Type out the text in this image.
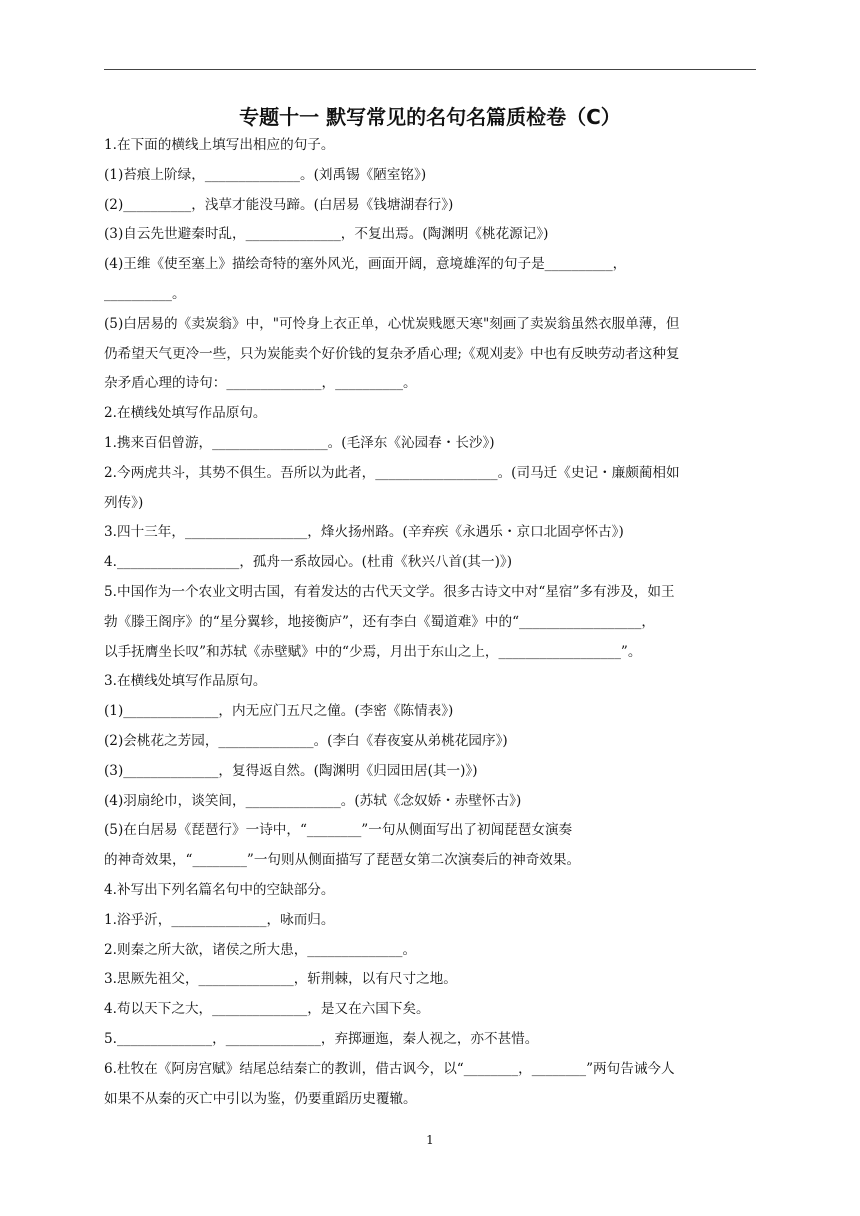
专题十一 默写常见的名句名篇质检卷（C）
1.在下面的横线上填写出相应的句子。
(1)苔痕上阶绿，______________。(刘禹锡《陋室铭》)
(2)__________，浅草才能没马蹄。(白居易《钱塘湖春行》)
(3)自云先世避秦时乱，______________，不复出焉。(陶渊明《桃花源记》)
(4)王维《使至塞上》描绘奇特的塞外风光，画面开阔，意境雄浑的句子是__________，
__________。
(5)白居易的《卖炭翁》中，"可怜身上衣正单，心忧炭贱愿天寒"刻画了卖炭翁虽然衣服单薄，但
仍希望天气更冷一些，只为炭能卖个好价钱的复杂矛盾心理;《观刈麦》中也有反映劳动者这种复
杂矛盾心理的诗句：______________，__________。
2.在横线处填写作品原句。
1.携来百侣曾游，_________________。(毛泽东《沁园春・长沙》)
2.今两虎共斗，其势不俱生。吾所以为此者，__________________。(司马迁《史记・廉颇蔺相如
列传》)
3.四十三年，__________________，烽火扬州路。(辛弃疾《永遇乐・京口北固亭怀古》)
4.__________________，孤舟一系故园心。(杜甫《秋兴八首(其一)》)
5.中国作为一个农业文明古国，有着发达的古代天文学。很多古诗文中对“星宿”多有涉及，如王
勃《滕王阁序》的“星分翼轸，地接衡庐”，还有李白《蜀道难》中的“__________________，
以手抚膺坐长叹”和苏轼《赤壁赋》中的“少焉，月出于东山之上，__________________”。
3.在横线处填写作品原句。
(1)______________，内无应门五尺之僮。(李密《陈情表》)
(2)会桃花之芳园，______________。(李白《春夜宴从弟桃花园序》)
(3)______________，复得返自然。(陶渊明《归园田居(其一)》)
(4)羽扇纶巾，谈笑间，______________。(苏轼《念奴娇・赤壁怀古》)
(5)在白居易《琵琶行》一诗中，“________”一句从侧面写出了初闻琵琶女演奏
的神奇效果，“________”一句则从侧面描写了琵琶女第二次演奏后的神奇效果。
4.补写出下列名篇名句中的空缺部分。
1.浴乎沂，______________，咏而归。
2.则秦之所大欲，诸侯之所大患，______________。
3.思厥先祖父，______________，斩荆棘，以有尺寸之地。
4.苟以天下之大，______________，是又在六国下矣。
5.______________，______________，弃掷逦迤，秦人视之，亦不甚惜。
6.杜牧在《阿房宫赋》结尾总结秦亡的教训，借古讽今，以“________，________”两句告诫今人
如果不从秦的灭亡中引以为鉴，仍要重蹈历史覆辙。
1
